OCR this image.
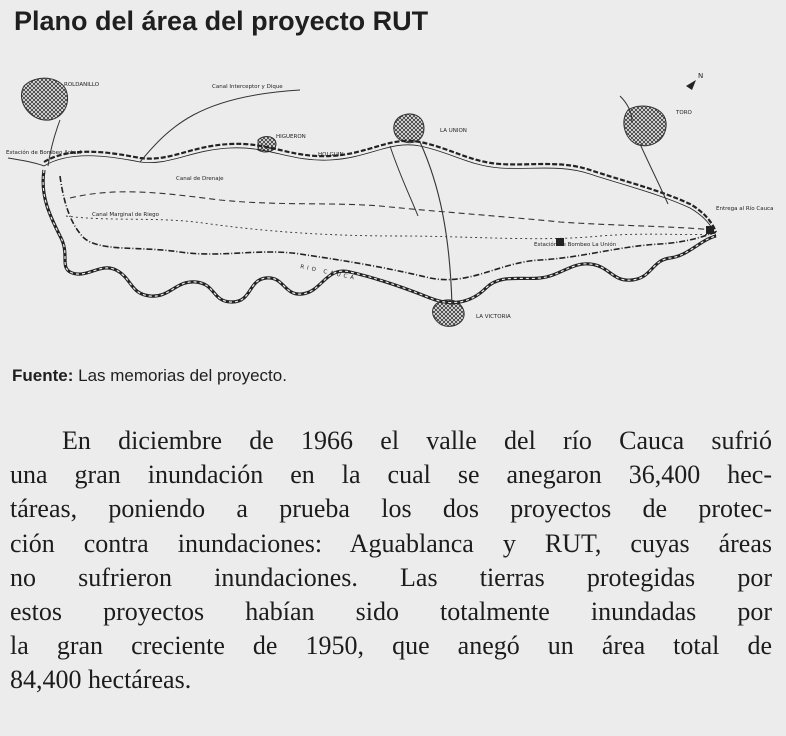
Plano del área del proyecto RUT
N
ROLDANILLO	Canal Interceptor y Dique
Estación de Bombeo Actual
HIGUERON
HOLGUIN
LA UNION
TORO
Canal de Drenaje
Canal Marginal de Riego
RIO CAUCA
Entrega al Río Cauca
Estación de Bombeo La Unión
LA VICTORIA
Fuente: Las memorias del proyecto.
En diciembre de 1966 el valle del río Cauca sufrió
una gran inundación en la cual se anegaron 36,400 hec-
táreas, poniendo a prueba los dos proyectos de protec-
ción contra inundaciones: Aguablanca y RUT, cuyas áreas
no sufrieron inundaciones. Las tierras protegidas por
estos proyectos habían sido totalmente inundadas por
la gran creciente de 1950, que anegó un área total de
84,400 hectáreas.
